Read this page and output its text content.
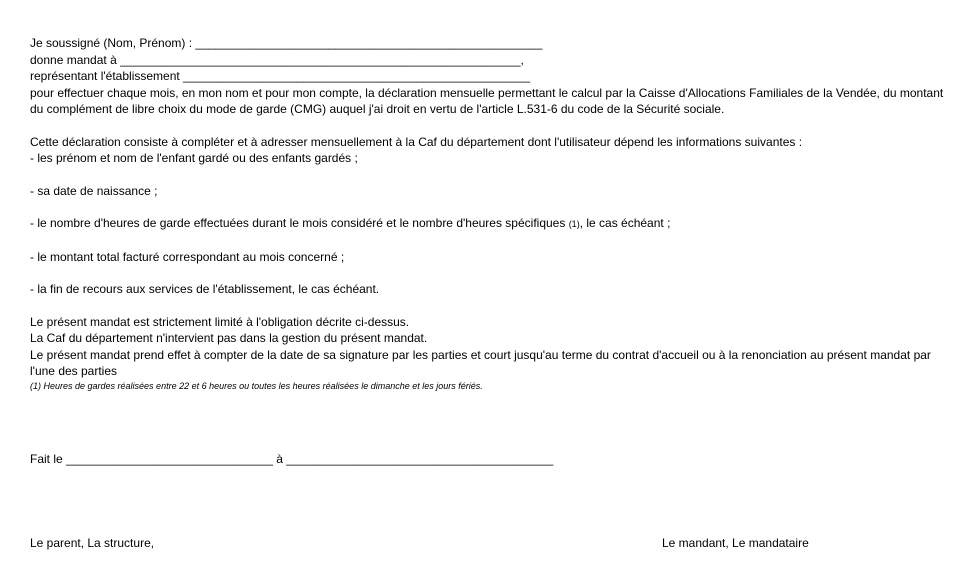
Je soussigné (Nom, Prénom) : ____________________________________________________
donne mandat à ____________________________________________________________,
représentant l'établissement ____________________________________________________
pour effectuer chaque mois, en mon nom et pour mon compte, la déclaration mensuelle permettant le calcul par la Caisse d'Allocations Familiales de la Vendée, du montant du complément de libre choix du mode de garde (CMG) auquel j'ai droit en vertu de l'article L.531-6 du code de la Sécurité sociale.
Cette déclaration consiste à compléter et à adresser mensuellement à la Caf du département dont l'utilisateur dépend les informations suivantes :
- les prénom et nom de l'enfant gardé ou des enfants gardés ;
- sa date de naissance ;
- le nombre d'heures de garde effectuées durant le mois considéré et le nombre d'heures spécifiques (1), le cas échéant ;
- le montant total facturé correspondant au mois concerné ;
- la fin de recours aux services de l'établissement, le cas échéant.
Le présent mandat est strictement limité à l'obligation décrite ci-dessus.
La Caf du département n'intervient pas dans la gestion du présent mandat.
Le présent mandat prend effet à compter de la date de sa signature par les parties et court jusqu'au terme du contrat d'accueil ou à la renonciation au présent mandat par l'une des parties
(1) Heures de gardes réalisées entre 22 et 6 heures ou toutes les heures réalisées le dimanche et les jours fériés.
Fait le _______________________________ à ________________________________________
Le parent, La structure,	Le mandant, Le mandataire
